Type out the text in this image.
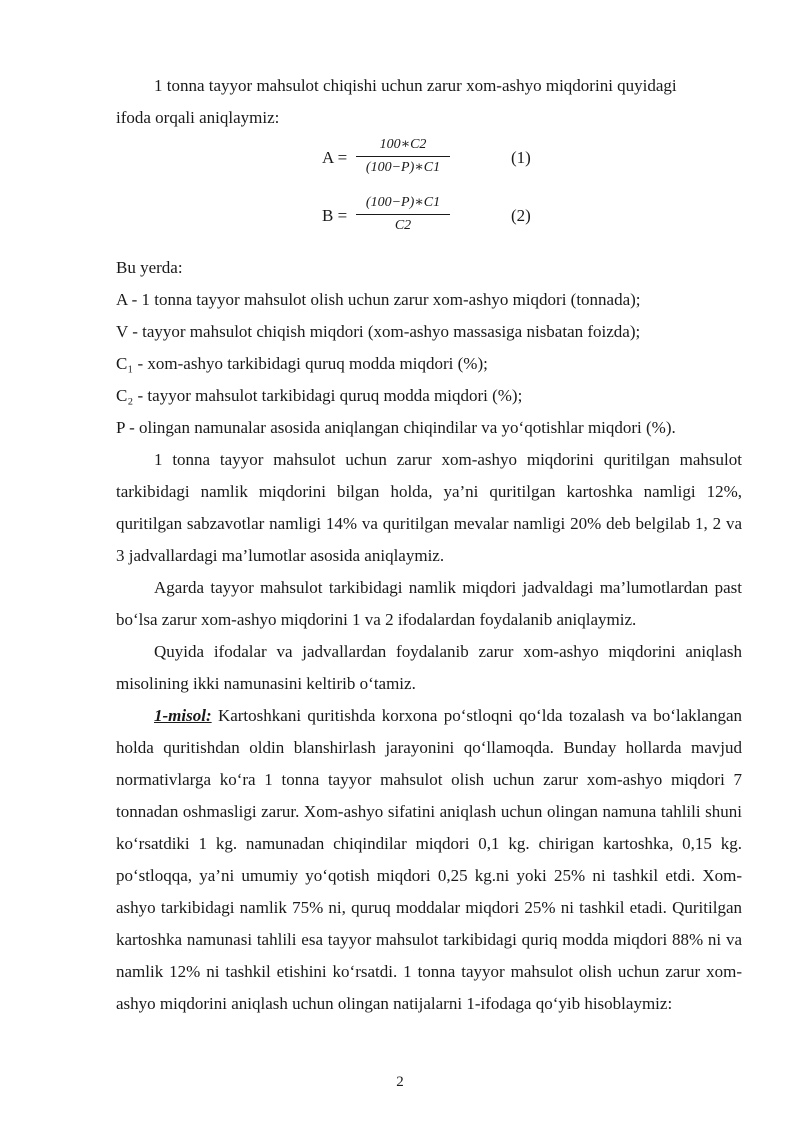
1 tonna tayyor mahsulot chiqishi uchun zarur xom-ashyo miqdorini quyidagi

ifoda orqali aniqlaymiz:

A =
100∗C2
(100−P)∗C1
(1)
B =
(100−P)∗C1
C2
(2)

Bu yerda:

A - 1 tonna tayyor mahsulot olish uchun zarur xom-ashyo miqdori (tonnada);

V - tayyor mahsulot chiqish miqdori (xom-ashyo massasiga nisbatan foizda);

C₁ - xom-ashyo tarkibidagi quruq modda miqdori (%);

C₂ - tayyor mahsulot tarkibidagi quruq modda miqdori (%);

P - olingan namunalar asosida aniqlangan chiqindilar va yo‘qotishlar miqdori (%).

1 tonna tayyor mahsulot uchun zarur xom-ashyo miqdorini quritilgan mahsulot tarkibidagi namlik miqdorini bilgan holda, ya’ni quritilgan kartoshka namligi 12%, quritilgan sabzavotlar namligi 14% va quritilgan mevalar namligi 20% deb belgilab 1, 2 va 3 jadvallardagi ma’lumotlar asosida aniqlaymiz.

Agarda tayyor mahsulot tarkibidagi namlik miqdori jadvaldagi ma’lumotlardan past bo‘lsa zarur xom-ashyo miqdorini 1 va 2 ifodalardan foydalanib aniqlaymiz.

Quyida ifodalar va jadvallardan foydalanib zarur xom-ashyo miqdorini aniqlash misolining ikki namunasini keltirib o‘tamiz.

1-misol: Kartoshkani quritishda korxona po‘stloqni qo‘lda tozalash va bo‘laklangan holda quritishdan oldin blanshirlash jarayonini qo‘llamoqda. Bunday hollarda mavjud normativlarga ko‘ra 1 tonna tayyor mahsulot olish uchun zarur xom-ashyo miqdori 7 tonnadan oshmasligi zarur. Xom-ashyo sifatini aniqlash uchun olingan namuna tahlili shuni ko‘rsatdiki 1 kg. namunadan chiqindilar miqdori 0,1 kg. chirigan kartoshka, 0,15 kg. po‘stloqqa, ya’ni umumiy yo‘qotish miqdori 0,25 kg.ni yoki 25% ni tashkil etdi. Xom-ashyo tarkibidagi namlik 75% ni, quruq moddalar miqdori 25% ni tashkil etadi. Quritilgan kartoshka namunasi tahlili esa tayyor mahsulot tarkibidagi quriq modda miqdori 88% ni va namlik 12% ni tashkil etishini ko‘rsatdi. 1 tonna tayyor mahsulot olish uchun zarur xom-ashyo miqdorini aniqlash uchun olingan natijalarni 1-ifodaga qo‘yib hisoblaymiz:

2
